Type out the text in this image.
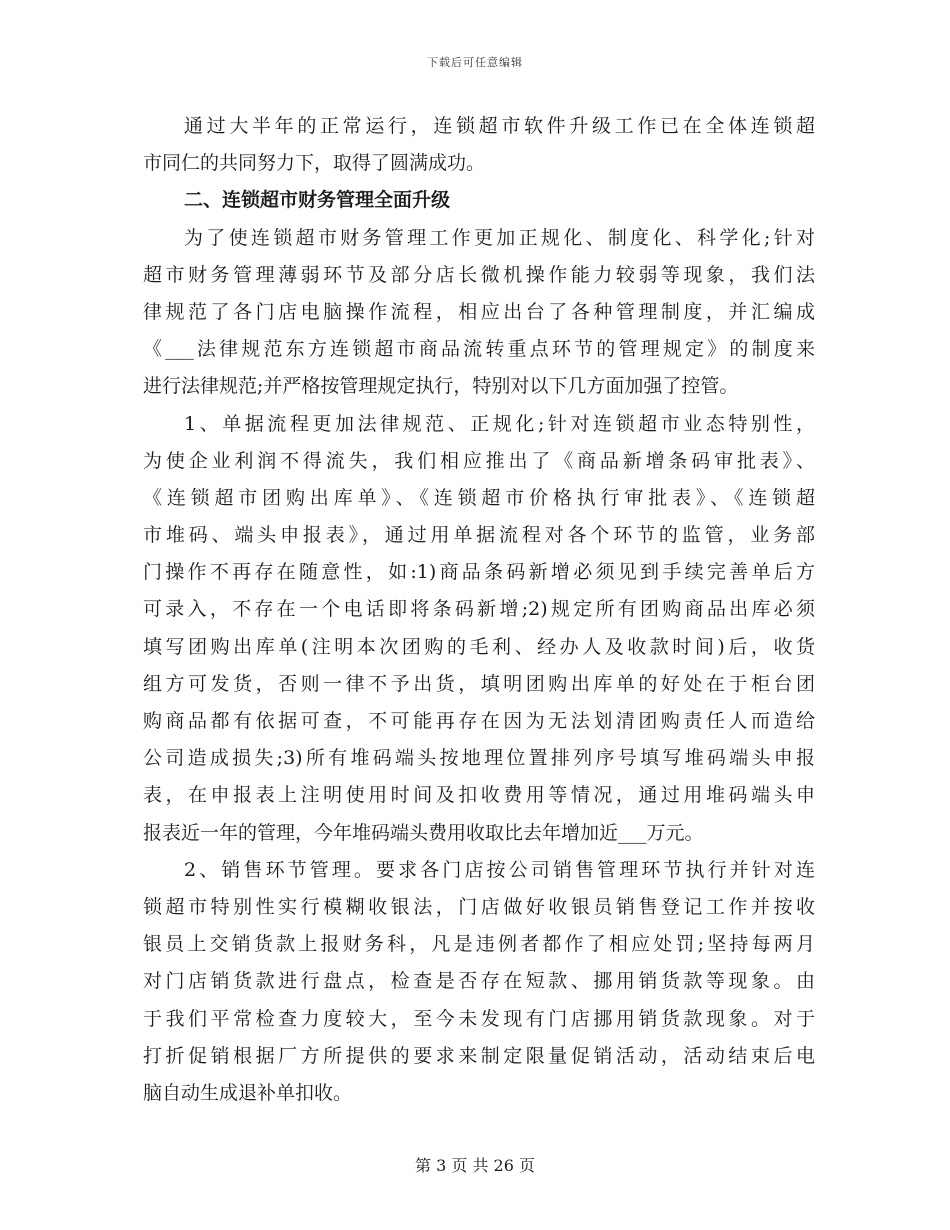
下载后可任意编辑
通过大半年的正常运行，连锁超市软件升级工作已在全体连锁超
市同仁的共同努力下，取得了圆满成功。
二、连锁超市财务管理全面升级
为了使连锁超市财务管理工作更加正规化、制度化、科学化;针对
超市财务管理薄弱环节及部分店长微机操作能力较弱等现象，我们法
律规范了各门店电脑操作流程，相应出台了各种管理制度，并汇编成
《___法律规范东方连锁超市商品流转重点环节的管理规定》的制度来
进行法律规范;并严格按管理规定执行，特别对以下几方面加强了控管。
1、单据流程更加法律规范、正规化;针对连锁超市业态特别性，
为使企业利润不得流失，我们相应推出了《商品新增条码审批表》、
《连锁超市团购出库单》、《连锁超市价格执行审批表》、《连锁超
市堆码、端头申报表》，通过用单据流程对各个环节的监管，业务部
门操作不再存在随意性，如:1)商品条码新增必须见到手续完善单后方
可录入，不存在一个电话即将条码新增;2)规定所有团购商品出库必须
填写团购出库单(注明本次团购的毛利、经办人及收款时间)后，收货
组方可发货，否则一律不予出货，填明团购出库单的好处在于柜台团
购商品都有依据可查，不可能再存在因为无法划清团购责任人而造给
公司造成损失;3)所有堆码端头按地理位置排列序号填写堆码端头申报
表，在申报表上注明使用时间及扣收费用等情况，通过用堆码端头申
报表近一年的管理，今年堆码端头费用收取比去年增加近___万元。
2、销售环节管理。要求各门店按公司销售管理环节执行并针对连
锁超市特别性实行模糊收银法，门店做好收银员销售登记工作并按收
银员上交销货款上报财务科，凡是违例者都作了相应处罚;坚持每两月
对门店销货款进行盘点，检查是否存在短款、挪用销货款等现象。由
于我们平常检查力度较大，至今未发现有门店挪用销货款现象。对于
打折促销根据厂方所提供的要求来制定限量促销活动，活动结束后电
脑自动生成退补单扣收。
第 3 页 共 26 页
